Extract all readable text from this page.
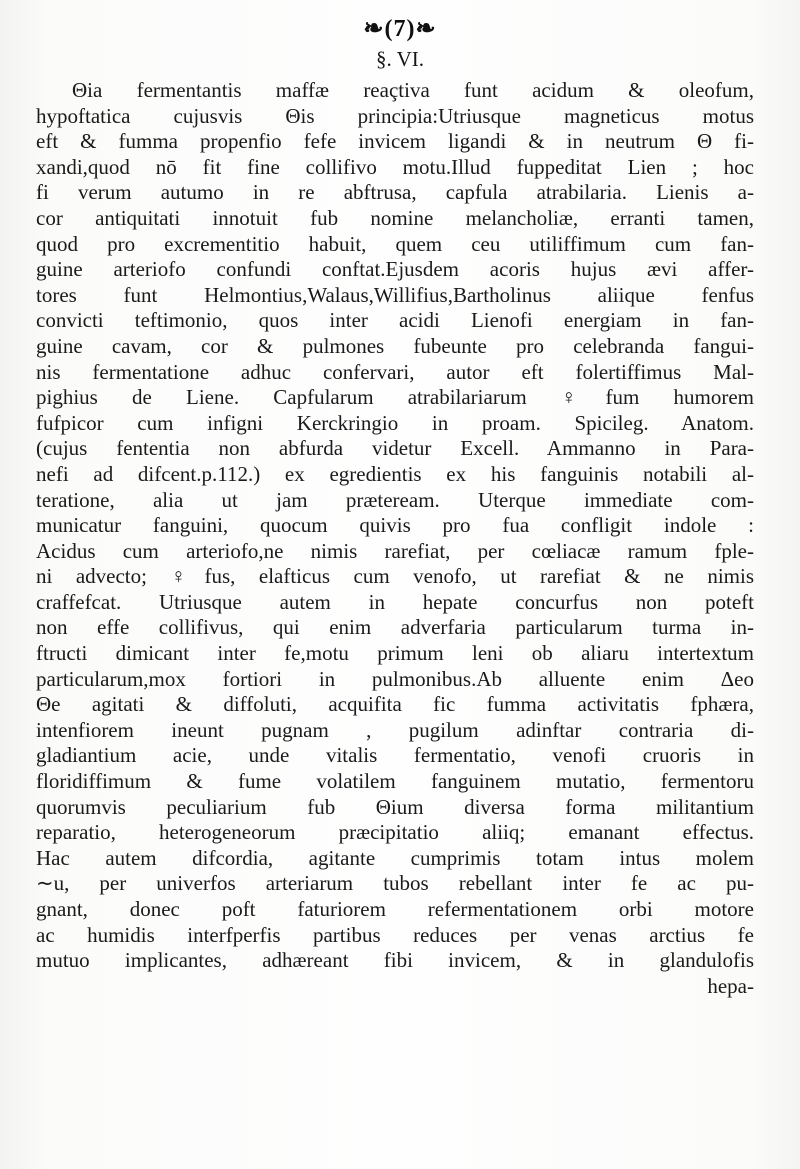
❧(7)❧
§. VI.
Θia fermentantis maffæ reaçtiva funt acidum & oleofum,
hypoftatica cujusvis Θis principia:Utriusque magneticus motus
eft & fumma propenfio fefe invicem ligandi & in neutrum Θ fi-
xandi,quod nō fit fine collifivo motu.Illud fuppeditat Lien ; hoc
fi verum autumo in re abftrusa, capfula atrabilaria. Lienis a-
cor antiquitati innotuit fub nomine melancholiæ, erranti tamen,
quod pro excrementitio habuit, quem ceu utiliffimum cum fan-
guine arteriofo confundi conftat.Ejusdem acoris hujus ævi affer-
tores funt Helmontius,Walaus,Willifius,Bartholinus aliique fenfus
convicti teftimonio, quos inter acidi Lienofi energiam in fan-
guine cavam, cor & pulmones fubeunte pro celebranda fangui-
nis fermentatione adhuc confervari, autor eft folertiffimus Mal-
pighius de Liene. Capfularum atrabilariarum ♀fum humorem
fufpicor cum infigni Kerckringio in proam. Spicileg. Anatom.
(cujus fententia non abfurda videtur Excell. Ammanno in Para-
nefi ad difcent.p.112.) ex egredientis ex his fanguinis notabili al-
teratione, alia ut jam præteream. Uterque immediate com-
municatur fanguini, quocum quivis pro fua confligit indole :
Acidus cum arteriofo,ne nimis rarefiat, per cœliacæ ramum fple-
ni advecto; ♀fus, elafticus cum venofo, ut rarefiat & ne nimis
craffefcat. Utriusque autem in hepate concurfus non poteft
non effe collifivus, qui enim adverfaria particularum turma in-
ftructi dimicant inter fe,motu primum leni ob aliaru intertextum
particularum,mox fortiori in pulmonibus.Ab alluente enim Δeo
Θe agitati & diffoluti, acquifita fic fumma activitatis fphæra,
intenfiorem ineunt pugnam , pugilum adinftar contraria di-
gladiantium acie, unde vitalis fermentatio, venofi cruoris in
floridiffimum & fume volatilem fanguinem mutatio, fermentoru
quorumvis peculiarium fub Θium diversa forma militantium
reparatio, heterogeneorum præcipitatio aliiq; emanant effectus.
Hac autem difcordia, agitante cumprimis totam intus molem
∼u, per univerfos arteriarum tubos rebellant inter fe ac pu-
gnant, donec poft faturiorem refermentationem orbi motore
ac humidis interfperfis partibus reduces per venas arctius fe
mutuo implicantes, adhæreant fibi invicem, & in glandulofis
hepa-
